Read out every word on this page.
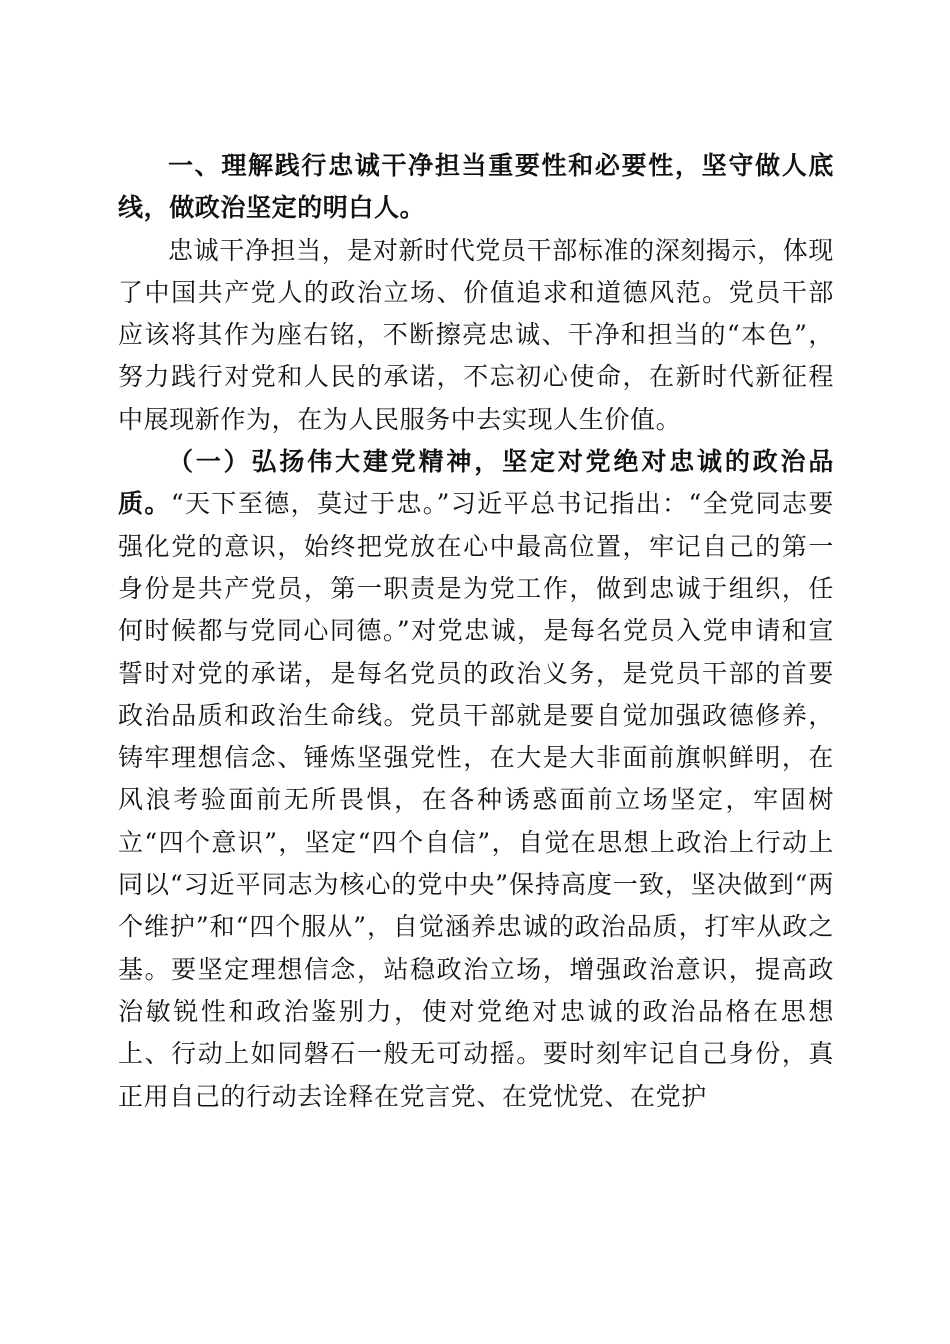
一、理解践行忠诚干净担当重要性和必要性，坚守做人底线，做政治坚定的明白人。

忠诚干净担当，是对新时代党员干部标准的深刻揭示，体现了中国共产党人的政治立场、价值追求和道德风范。党员干部应该将其作为座右铭，不断擦亮忠诚、干净和担当的“本色”，努力践行对党和人民的承诺，不忘初心使命，在新时代新征程中展现新作为，在为人民服务中去实现人生价值。

（一）弘扬伟大建党精神，坚定对党绝对忠诚的政治品质。“天下至德，莫过于忠。”习近平总书记指出：“全党同志要强化党的意识，始终把党放在心中最高位置，牢记自己的第一身份是共产党员，第一职责是为党工作，做到忠诚于组织，任何时候都与党同心同德。”对党忠诚，是每名党员入党申请和宣誓时对党的承诺，是每名党员的政治义务，是党员干部的首要政治品质和政治生命线。党员干部就是要自觉加强政德修养，铸牢理想信念、锤炼坚强党性，在大是大非面前旗帜鲜明，在风浪考验面前无所畏惧，在各种诱惑面前立场坚定，牢固树立“四个意识”，坚定“四个自信”，自觉在思想上政治上行动上同以“习近平同志为核心的党中央”保持高度一致，坚决做到“两个维护”和“四个服从”，自觉涵养忠诚的政治品质，打牢从政之基。要坚定理想信念，站稳政治立场，增强政治意识，提高政治敏锐性和政治鉴别力，使对党绝对忠诚的政治品格在思想上、行动上如同磐石一般无可动摇。要时刻牢记自己身份，真正用自己的行动去诠释在党言党、在党忧党、在党护
